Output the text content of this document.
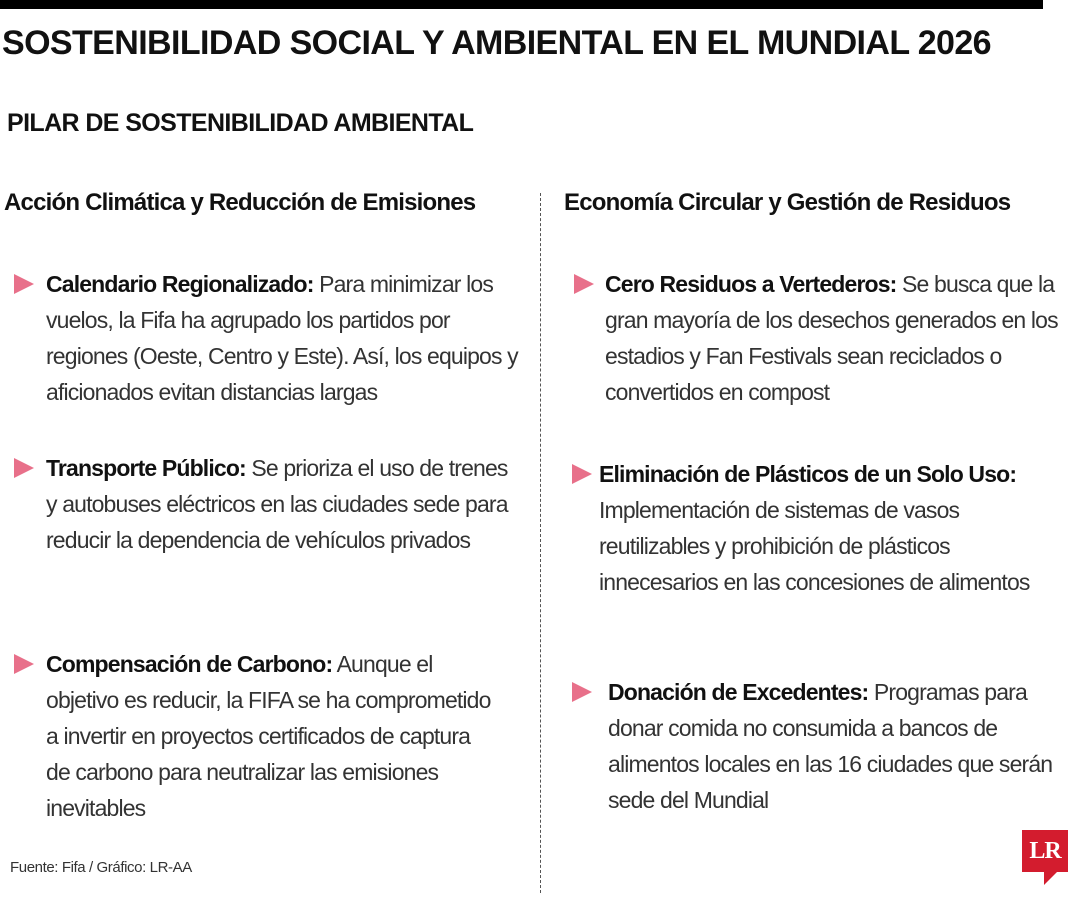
SOSTENIBILIDAD SOCIAL Y AMBIENTAL EN EL MUNDIAL 2026
PILAR DE SOSTENIBILIDAD AMBIENTAL
Acción Climática y Reducción de Emisiones	Economía Circular y Gestión de Residuos

Calendario Regionalizado: Para minimizar los vuelos, la Fifa ha agrupado los partidos por regiones (Oeste, Centro y Este). Así, los equipos y aficionados evitan distancias largas

Transporte Público: Se prioriza el uso de trenes y autobuses eléctricos en las ciudades sede para reducir la dependencia de vehículos privados

Compensación de Carbono: Aunque el objetivo es reducir, la FIFA se ha comprometido a invertir en proyectos certificados de captura de carbono para neutralizar las emisiones inevitables

Cero Residuos a Vertederos: Se busca que la gran mayoría de los desechos generados en los estadios y Fan Festivals sean reciclados o convertidos en compost

Eliminación de Plásticos de un Solo Uso: Implementación de sistemas de vasos reutilizables y prohibición de plásticos innecesarios en las concesiones de alimentos

Donación de Excedentes: Programas para donar comida no consumida a bancos de alimentos locales en las 16 ciudades que serán sede del Mundial

Fuente: Fifa / Gráfico: LR-AA

LR
